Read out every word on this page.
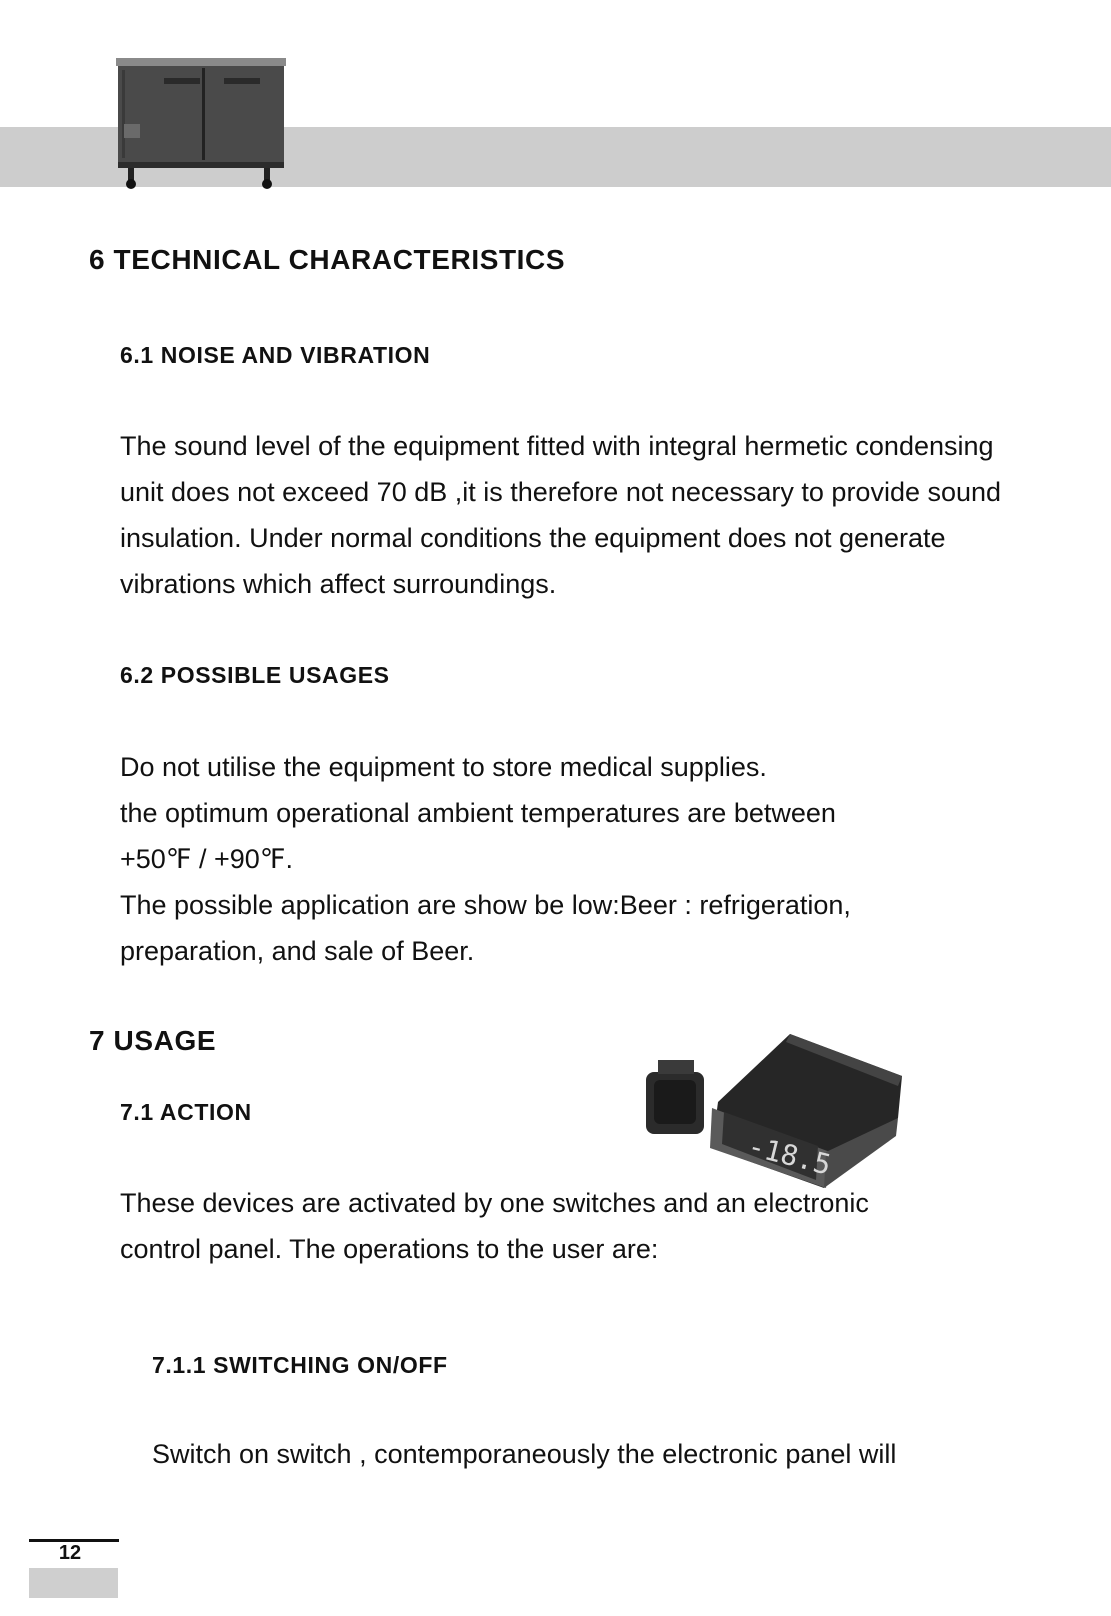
6 TECHNICAL CHARACTERISTICS
6.1 NOISE AND VIBRATION
The sound level of the equipment fitted with integral hermetic condensing
unit does not exceed 70 dB ,it is therefore not necessary to provide sound
insulation. Under normal conditions the equipment does not generate
vibrations which affect surroundings.
6.2 POSSIBLE USAGES
Do not utilise the equipment to store medical supplies.
the optimum operational ambient temperatures are between
+50℉ / +90℉.
The possible application are show be low:Beer : refrigeration,
preparation, and sale of Beer.
7 USAGE
-18.5
7.1 ACTION
These devices are activated by one switches and an electronic
control panel. The operations to the user are:
7.1.1 SWITCHING ON/OFF
Switch on switch , contemporaneously the electronic panel will
12
